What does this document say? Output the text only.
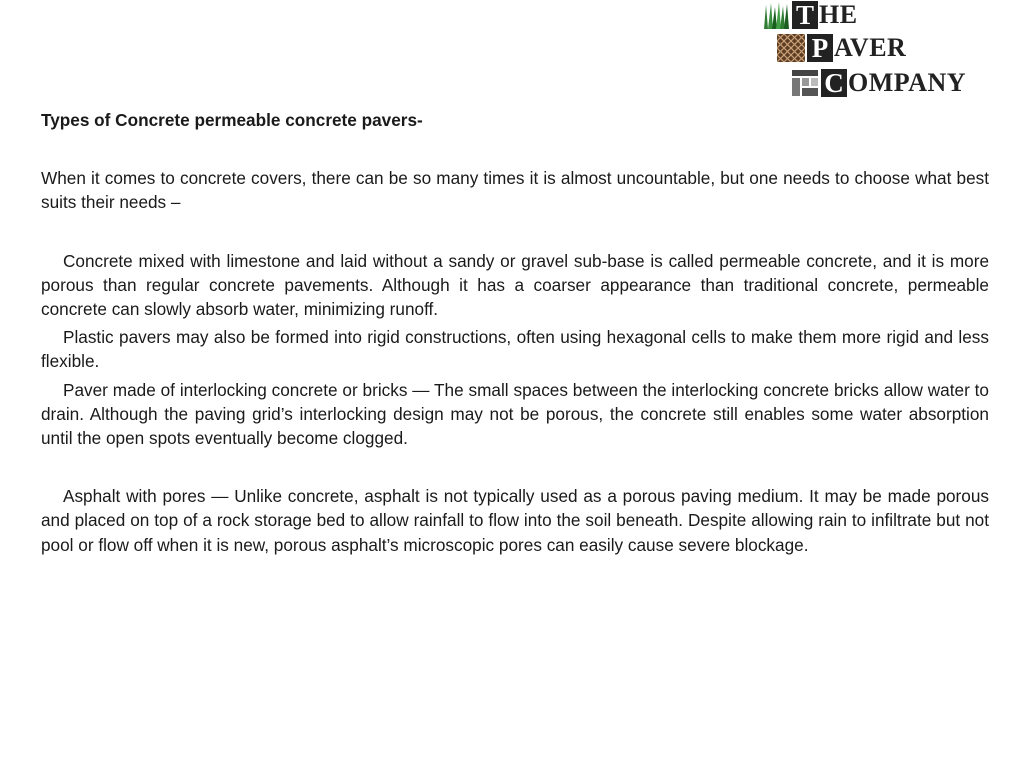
T HE
P AVER
C OMPANY
Types of Concrete permeable concrete pavers-

When it comes to concrete covers, there can be so many times it is almost uncountable, but one needs to choose what best suits their needs –

Concrete mixed with limestone and laid without a sandy or gravel sub-base is called permeable concrete, and it is more porous than regular concrete pavements. Although it has a coarser appearance than traditional concrete, permeable concrete can slowly absorb water, minimizing runoff.

Plastic pavers may also be formed into rigid constructions, often using hexagonal cells to make them more rigid and less flexible.

Paver made of interlocking concrete or bricks — The small spaces between the interlocking concrete bricks allow water to drain. Although the paving grid’s interlocking design may not be porous, the concrete still enables some water absorption until the open spots eventually become clogged.

Asphalt with pores — Unlike concrete, asphalt is not typically used as a porous paving medium. It may be made porous and placed on top of a rock storage bed to allow rainfall to flow into the soil beneath. Despite allowing rain to infiltrate but not pool or flow off when it is new, porous asphalt’s microscopic pores can easily cause severe blockage.
